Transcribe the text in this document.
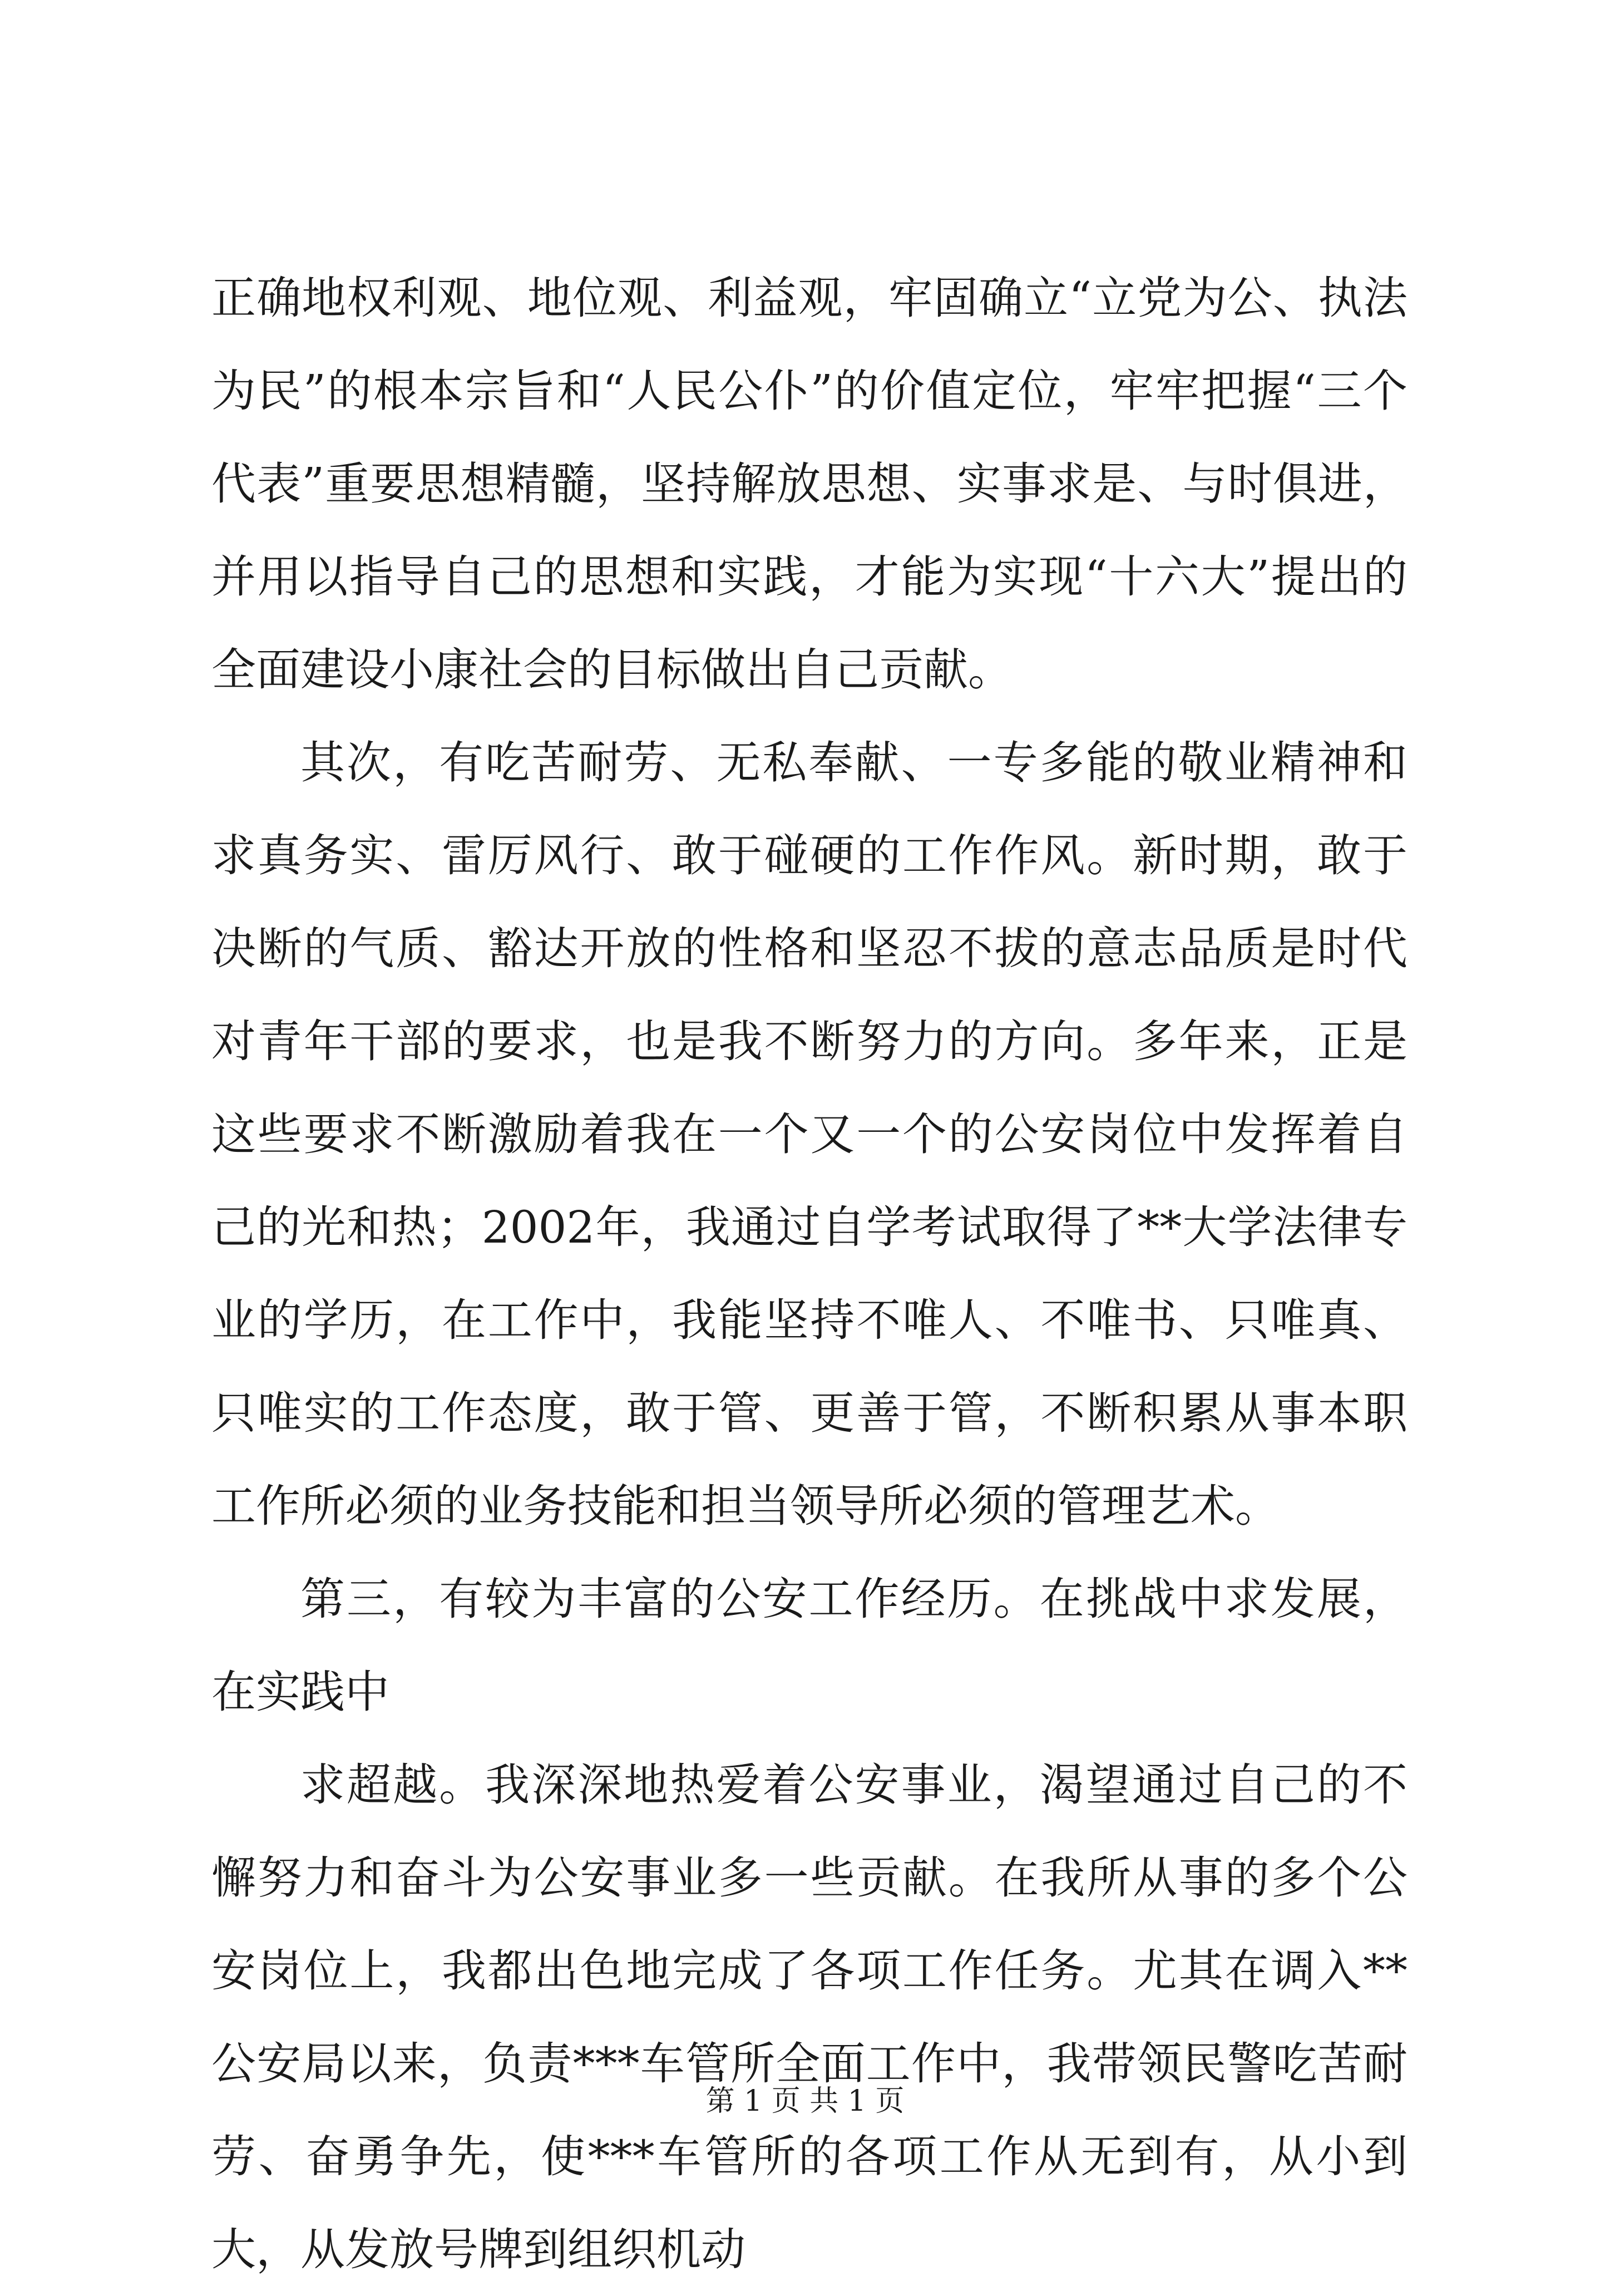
正确地权利观、地位观、利益观，牢固确立“立党为公、执法为民”的根本宗旨和“人民公仆”的价值定位，牢牢把握“三个代表”重要思想精髓，坚持解放思想、实事求是、与时俱进，并用以指导自己的思想和实践，才能为实现“十六大”提出的全面建设小康社会的目标做出自己贡献。

其次，有吃苦耐劳、无私奉献、一专多能的敬业精神和求真务实、雷厉风行、敢于碰硬的工作作风。新时期，敢于决断的气质、豁达开放的性格和坚忍不拔的意志品质是时代对青年干部的要求，也是我不断努力的方向。多年来，正是这些要求不断激励着我在一个又一个的公安岗位中发挥着自己的光和热；2002年，我通过自学考试取得了**大学法律专业的学历，在工作中，我能坚持不唯人、不唯书、只唯真、只唯实的工作态度，敢于管、更善于管，不断积累从事本职工作所必须的业务技能和担当领导所必须的管理艺术。

第三，有较为丰富的公安工作经历。在挑战中求发展，在实践中

求超越。我深深地热爱着公安事业，渴望通过自己的不懈努力和奋斗为公安事业多一些贡献。在我所从事的多个公安岗位上，我都出色地完成了各项工作任务。尤其在调入**公安局以来，负责***车管所全面工作中，我带领民警吃苦耐劳、奋勇争先，使***车管所的各项工作从无到有，从小到大，从发放号牌到组织机动

第 1 页 共 1 页
